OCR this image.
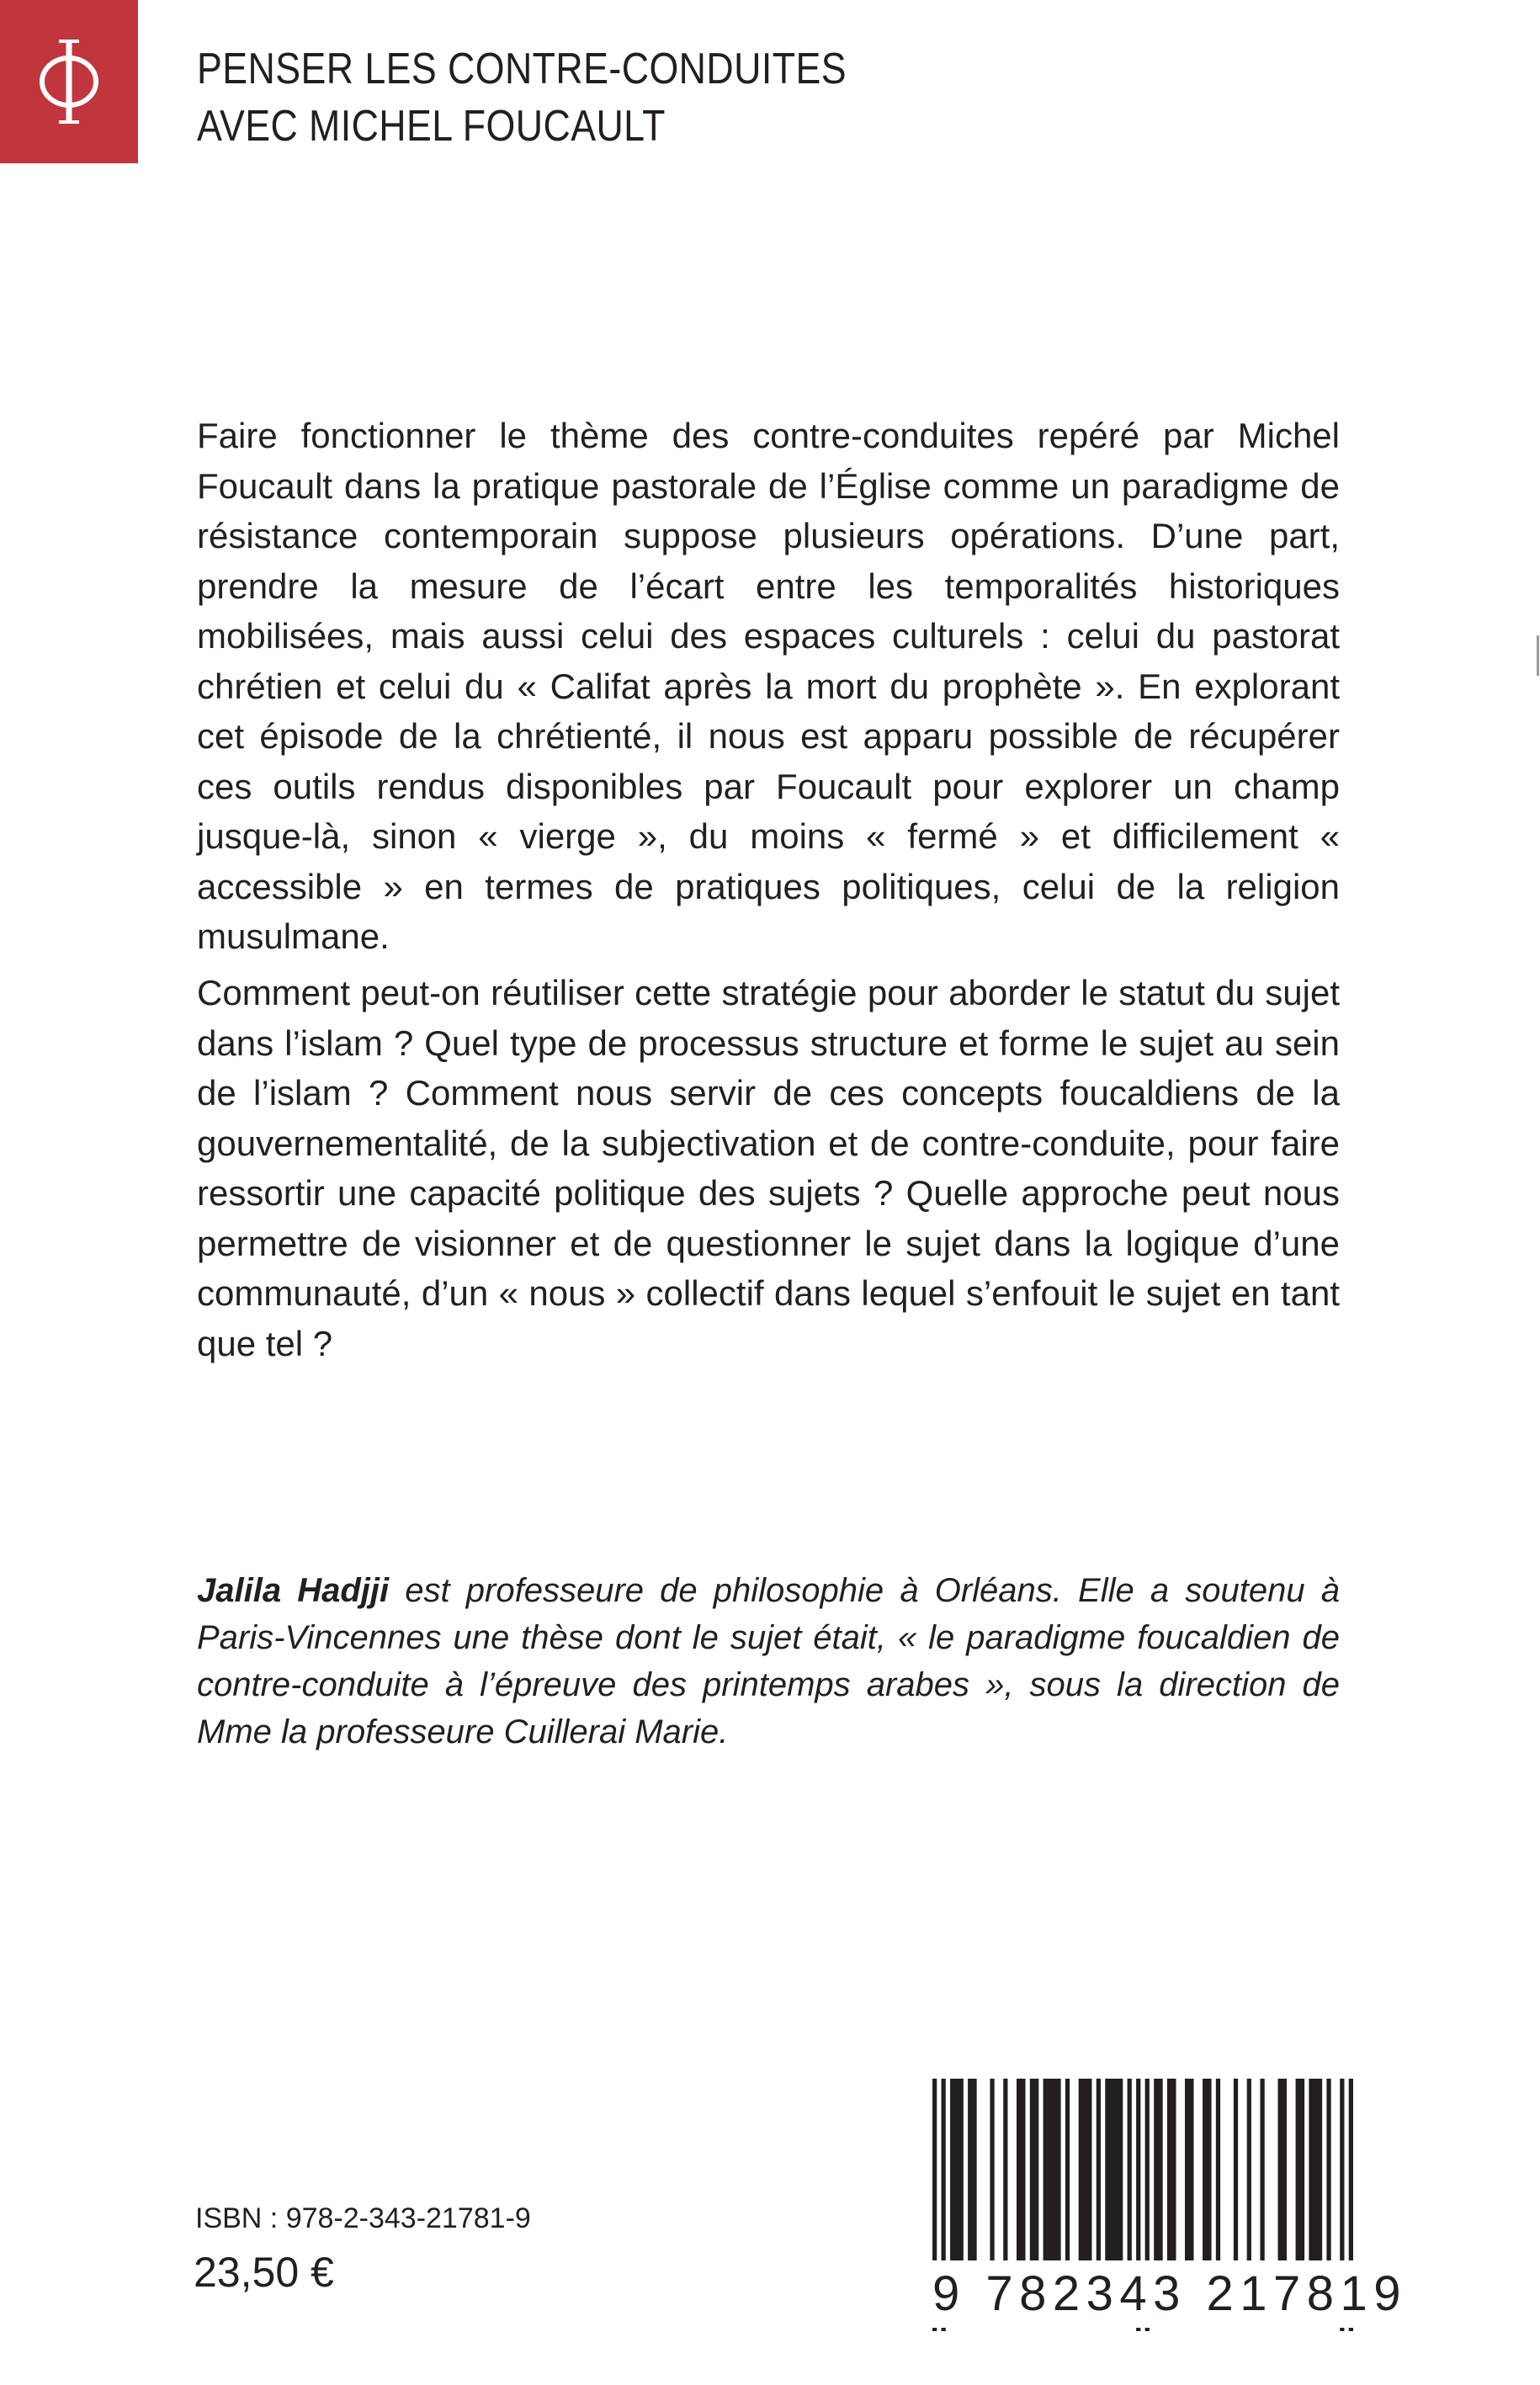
PENSER LES CONTRE-CONDUITES
AVEC MICHEL FOUCAULT

Faire fonctionner le thème des contre-conduites repéré par Michel Foucault dans la pratique pastorale de l’Église comme un paradigme de résistance contemporain suppose plusieurs opérations. D’une part, prendre la mesure de l’écart entre les temporalités historiques mobilisées, mais aussi celui des espaces culturels : celui du pastorat chrétien et celui du « Califat après la mort du prophète ». En explorant cet épisode de la chrétienté, il nous est apparu possible de récupérer ces outils rendus disponibles par Foucault pour explorer un champ jusque-là, sinon « vierge », du moins « fermé » et difficilement « accessible » en termes de pratiques politiques, celui de la religion musulmane.

Comment peut-on réutiliser cette stratégie pour aborder le statut du sujet dans l’islam ? Quel type de processus structure et forme le sujet au sein de l’islam ? Comment nous servir de ces concepts foucaldiens de la gouvernementalité, de la subjectivation et de contre-conduite, pour faire ressortir une capacité politique des sujets ? Quelle approche peut nous permettre de visionner et de questionner le sujet dans la logique d’une communauté, d’un « nous » collectif dans lequel s’enfouit le sujet en tant que tel ?

Jalila Hadjji est professeure de philosophie à Orléans. Elle a soutenu à Paris-Vincennes une thèse dont le sujet était, « le paradigme foucaldien de contre-conduite à l’épreuve des printemps arabes », sous la direction de Mme la professeure Cuillerai Marie.

ISBN : 978-2-343-21781-9
23,50 €	9 782343 217819
